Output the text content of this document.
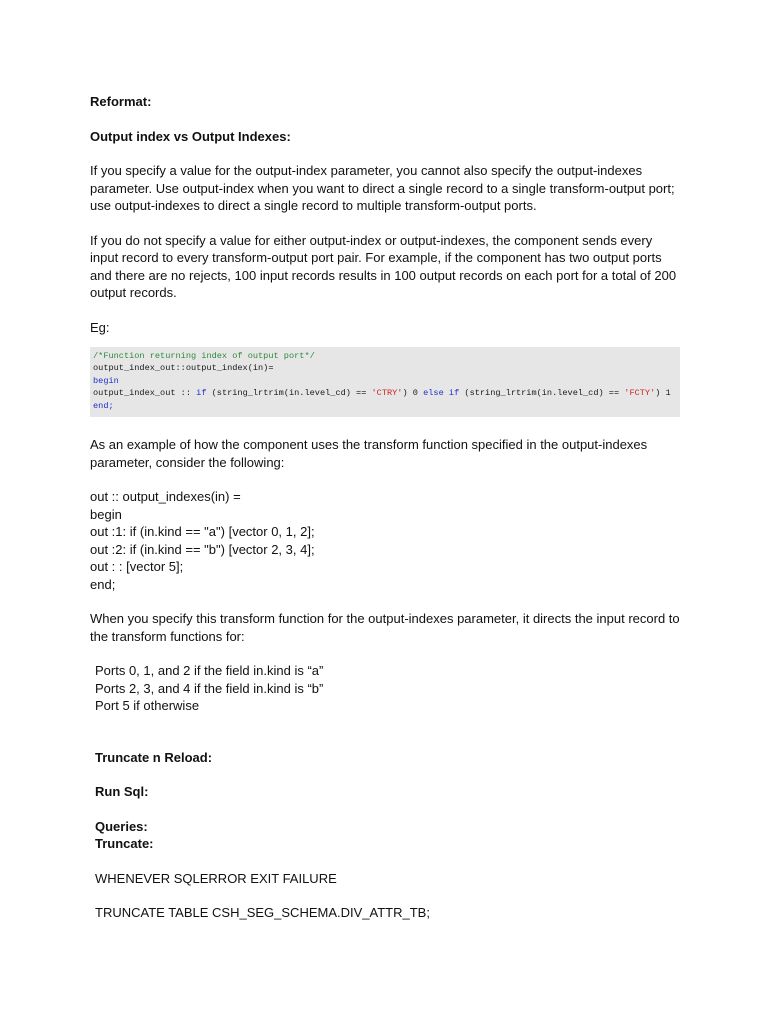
Reformat:

Output index vs Output Indexes:

If you specify a value for the output-index parameter, you cannot also specify the output-indexes parameter. Use output-index when you want to direct a single record to a single transform-output port; use output-indexes to direct a single record to multiple transform-output ports.

If you do not specify a value for either output-index or output-indexes, the component sends every input record to every transform-output port pair. For example, if the component has two output ports and there are no rejects, 100 input records results in 100 output records on each port for a total of 200 output records.

Eg:

/*Function returning index of output port*/
output_index_out::output_index(in)=
begin
output_index_out :: if (string_lrtrim(in.level_cd) == 'CTRY') 0 else if (string_lrtrim(in.level_cd) == 'FCTY') 1
end;

As an example of how the component uses the transform function specified in the output-indexes parameter, consider the following:

out :: output_indexes(in) =

begin

out :1: if (in.kind == "a") [vector 0, 1, 2];

out :2: if (in.kind == "b") [vector 2, 3, 4];

out : : [vector 5];

end;

When you specify this transform function for the output-indexes parameter, it directs the input record to the transform functions for:

Ports 0, 1, and 2 if the field in.kind is “a”

Ports 2, 3, and 4 if the field in.kind is “b”

Port 5 if otherwise

Truncate n Reload:

Run Sql:

Queries:

Truncate:

WHENEVER SQLERROR EXIT FAILURE

TRUNCATE TABLE CSH_SEG_SCHEMA.DIV_ATTR_TB;
